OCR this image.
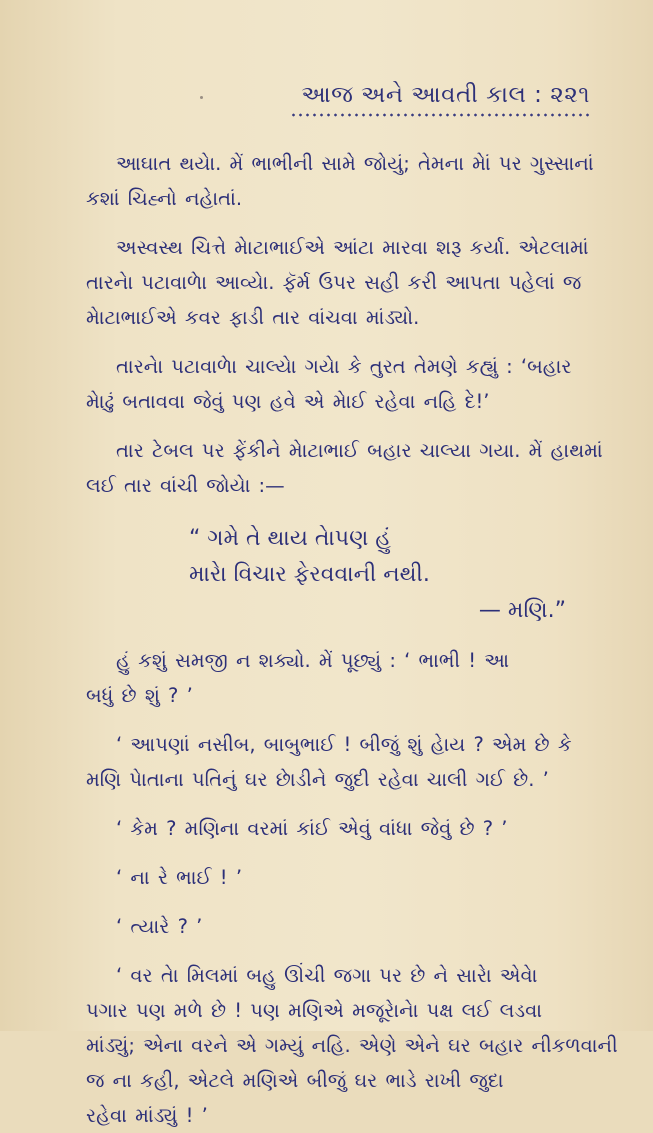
આજ અને આવતી કાલ : ૨૨૧

આઘાત થયેા. મેં ભાભીની સામે જોયું; તેમના મેાં પર ગુસ્સાનાં
કશાં ચિહ્નો નહેાતાં.

અસ્વસ્થ ચિત્તે મેાટાભાઈએ આંટા મારવા શરૂ કર્યા. એટલામાં
તારનેા પટાવાળેા આવ્યેા. ફૅર્મ ઉપર સહી કરી આપતા પહેલાં જ
મેાટાભાઈએ કવર ફાડી તાર વાંચવા માંડ્યો.

તારનેા પટાવાળેા ચાલ્યેા ગયેા કે તુરત તેમણે કહ્યું : ‘બહાર
મેાઢું બતાવવા જેવું પણ હવે એ મેાઈ રહેવા નહિ દે!’

તાર ટેબલ પર ફેંકીને મેાટાભાઈ બહાર ચાલ્યા ગયા. મેં હાથમાં
લઈ તાર વાંચી જોયેા :—

“ ગમે તે થાય તેાપણ હું
મારેા વિચાર ફેરવવાની નથી.
— મણિ.”

હું કશું સમજી ન શક્યો. મેં પૂછ્યું : ‘ ભાભી ! આ
બધું છે શું ? ’

‘ આપણાં નસીબ, બાબુભાઈ ! બીજું શું હેાય ? એમ છે કે
મણિ પેાતાના પતિનું ઘર છેાડીને જુદી રહેવા ચાલી ગઈ છે. ’

‘ કેમ ? મણિના વરમાં કાંઈ એવું વાંધા જેવું છે ? ’

‘ ના રે ભાઈ ! ’

‘ ત્યારે ? ’

‘ વર તેા મિલમાં બહુ ઊંચી જગા પર છે ને સારેા એવેા
પગાર પણ મળે છે ! પણ મણિએ મજૂરેાનેા પક્ષ લઈ લડવા
માંડ્યું; એના વરને એ ગમ્યું નહિ. એણે એને ઘર બહાર નીકળવાની
જ ના કહી, એટલે મણિએ બીજું ઘર ભાડે રાખી જુદા
રહેવા માંડ્યું ! ’
